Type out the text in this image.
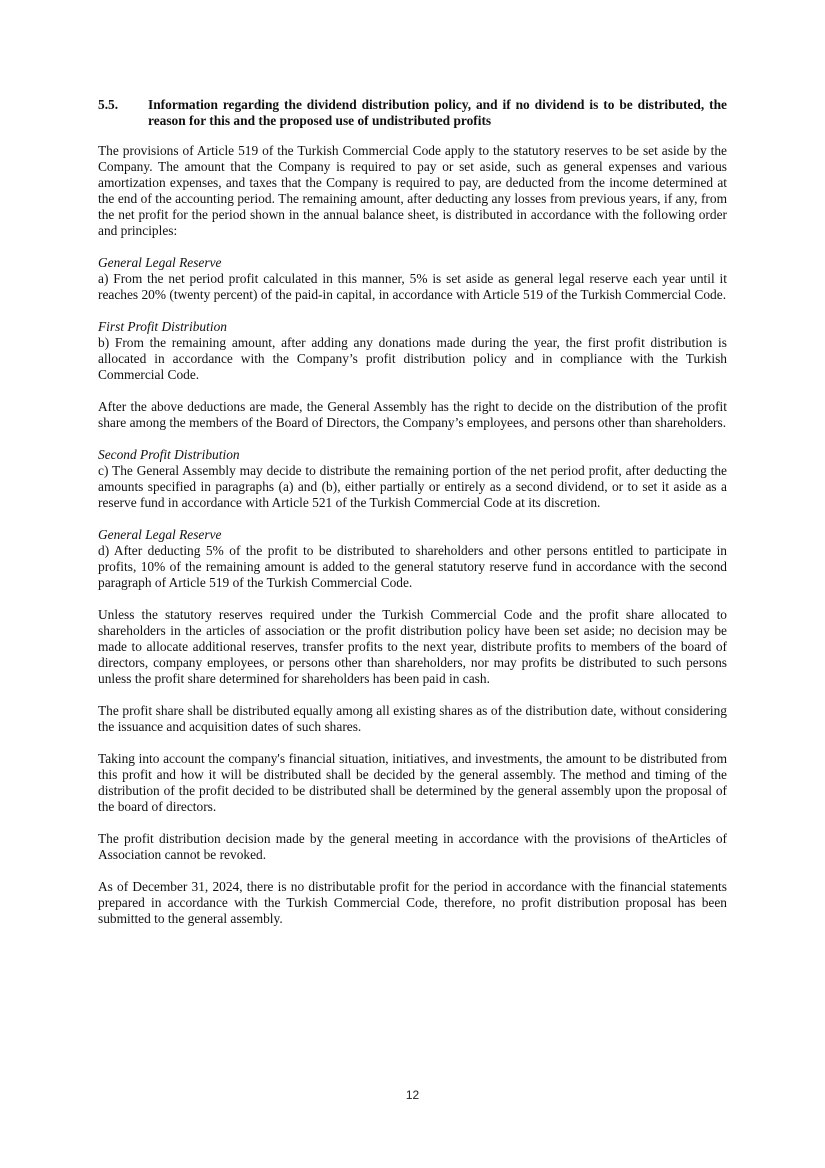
5.5.	Information regarding the dividend distribution policy, and if no dividend is to be distributed, the reason for this and the proposed use of undistributed profits

The provisions of Article 519 of the Turkish Commercial Code apply to the statutory reserves to be set aside by the Company. The amount that the Company is required to pay or set aside, such as general expenses and various amortization expenses, and taxes that the Company is required to pay, are deducted from the income determined at the end of the accounting period. The remaining amount, after deducting any losses from previous years, if any, from the net profit for the period shown in the annual balance sheet, is distributed in accordance with the following order and principles:

General Legal Reserve

a) From the net period profit calculated in this manner, 5% is set aside as general legal reserve each year until it reaches 20% (twenty percent) of the paid-in capital, in accordance with Article 519 of the Turkish Commercial Code.

First Profit Distribution

b) From the remaining amount, after adding any donations made during the year, the first profit distribution is allocated in accordance with the Company’s profit distribution policy and in compliance with the Turkish Commercial Code.

After the above deductions are made, the General Assembly has the right to decide on the distribution of the profit share among the members of the Board of Directors, the Company’s employees, and persons other than shareholders.

Second Profit Distribution

c) The General Assembly may decide to distribute the remaining portion of the net period profit, after deducting the amounts specified in paragraphs (a) and (b), either partially or entirely as a second dividend, or to set it aside as a reserve fund in accordance with Article 521 of the Turkish Commercial Code at its discretion.

General Legal Reserve

d) After deducting 5% of the profit to be distributed to shareholders and other persons entitled to participate in profits, 10% of the remaining amount is added to the general statutory reserve fund in accordance with the second paragraph of Article 519 of the Turkish Commercial Code.

Unless the statutory reserves required under the Turkish Commercial Code and the profit share allocated to shareholders in the articles of association or the profit distribution policy have been set aside; no decision may be made to allocate additional reserves, transfer profits to the next year, distribute profits to members of the board of directors, company employees, or persons other than shareholders, nor may profits be distributed to such persons unless the profit share determined for shareholders has been paid in cash.

The profit share shall be distributed equally among all existing shares as of the distribution date, without considering the issuance and acquisition dates of such shares.

Taking into account the company's financial situation, initiatives, and investments, the amount to be distributed from this profit and how it will be distributed shall be decided by the general assembly. The method and timing of the distribution of the profit decided to be distributed shall be determined by the general assembly upon the proposal of the board of directors.

The profit distribution decision made by the general meeting in accordance with the provisions of theArticles of Association cannot be revoked.

As of December 31, 2024, there is no distributable profit for the period in accordance with the financial statements prepared in accordance with the Turkish Commercial Code, therefore, no profit distribution proposal has been submitted to the general assembly.

12
